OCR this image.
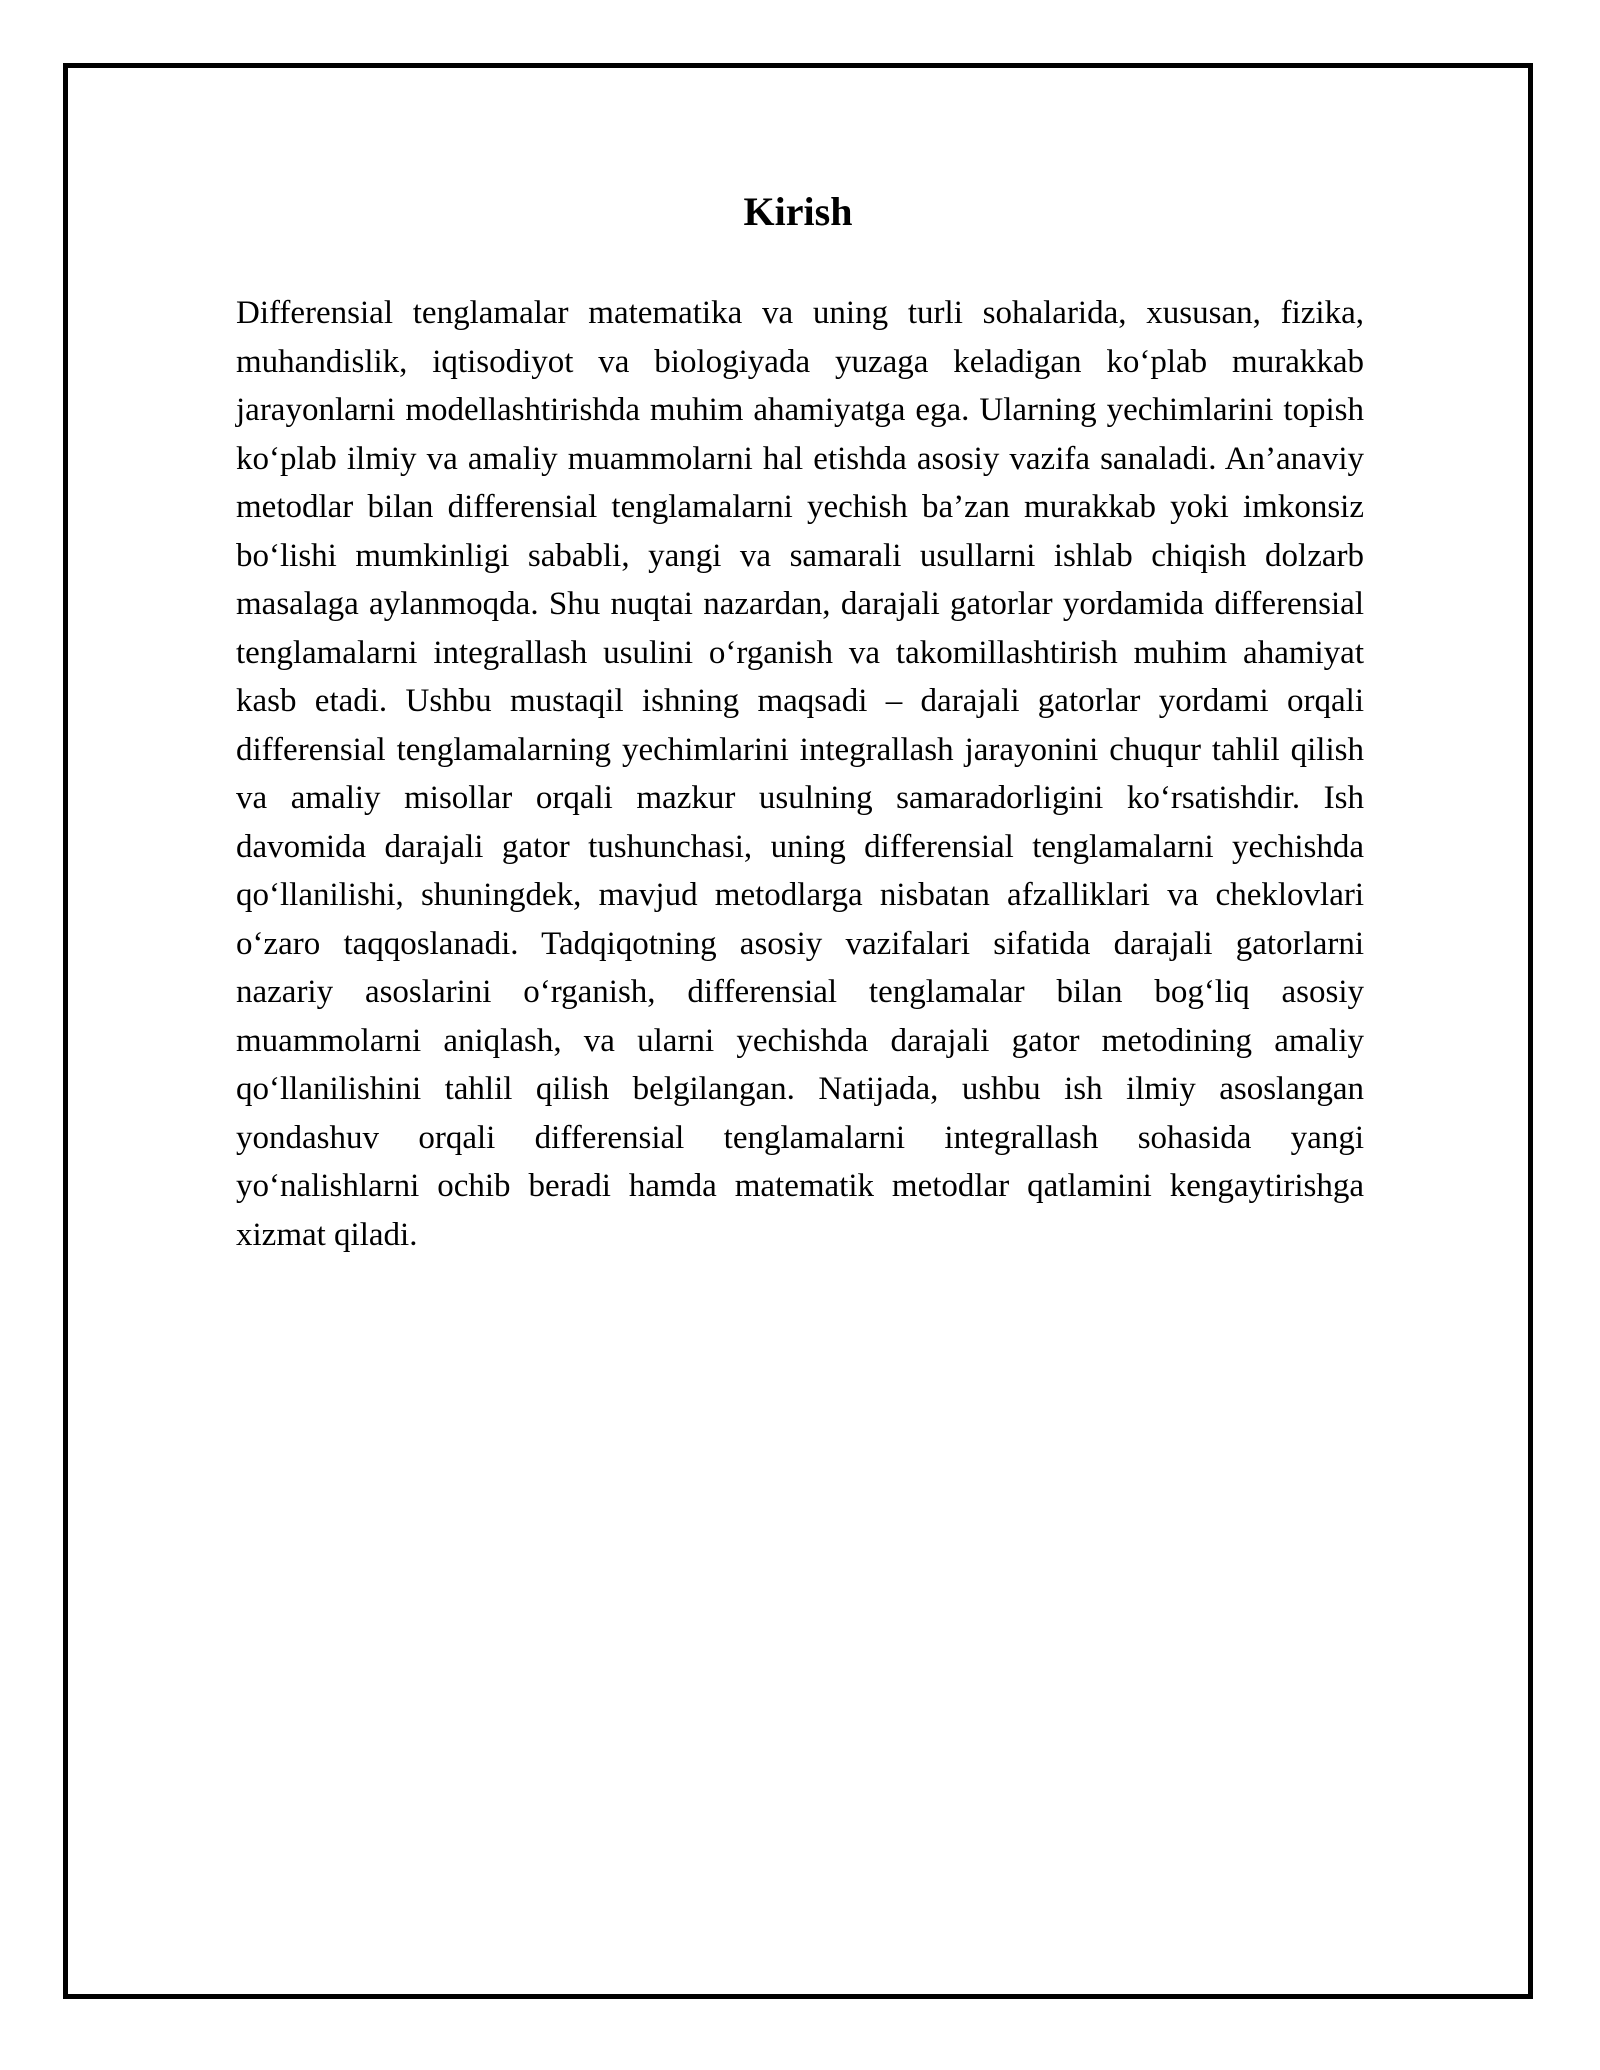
Kirish

Differensial tenglamalar matematika va uning turli sohalarida, xususan, fizika, muhandislik, iqtisodiyot va biologiyada yuzaga keladigan ko‘plab murakkab jarayonlarni modellashtirishda muhim ahamiyatga ega. Ularning yechimlarini topish ko‘plab ilmiy va amaliy muammolarni hal etishda asosiy vazifa sanaladi. An’anaviy metodlar bilan differensial tenglamalarni yechish ba’zan murakkab yoki imkonsiz bo‘lishi mumkinligi sababli, yangi va samarali usullarni ishlab chiqish dolzarb masalaga aylanmoqda. Shu nuqtai nazardan, darajali gatorlar yordamida differensial tenglamalarni integrallash usulini o‘rganish va takomillashtirish muhim ahamiyat kasb etadi. Ushbu mustaqil ishning maqsadi – darajali gatorlar yordami orqali differensial tenglamalarning yechimlarini integrallash jarayonini chuqur tahlil qilish va amaliy misollar orqali mazkur usulning samaradorligini ko‘rsatishdir. Ish davomida darajali gator tushunchasi, uning differensial tenglamalarni yechishda qo‘llanilishi, shuningdek, mavjud metodlarga nisbatan afzalliklari va cheklovlari o‘zaro taqqoslanadi. Tadqiqotning asosiy vazifalari sifatida darajali gatorlarni nazariy asoslarini o‘rganish, differensial tenglamalar bilan bog‘liq asosiy muammolarni aniqlash, va ularni yechishda darajali gator metodining amaliy qo‘llanilishini tahlil qilish belgilangan. Natijada, ushbu ish ilmiy asoslangan yondashuv orqali differensial tenglamalarni integrallash sohasida yangi yo‘nalishlarni ochib beradi hamda matematik metodlar qatlamini kengaytirishga xizmat qiladi.
